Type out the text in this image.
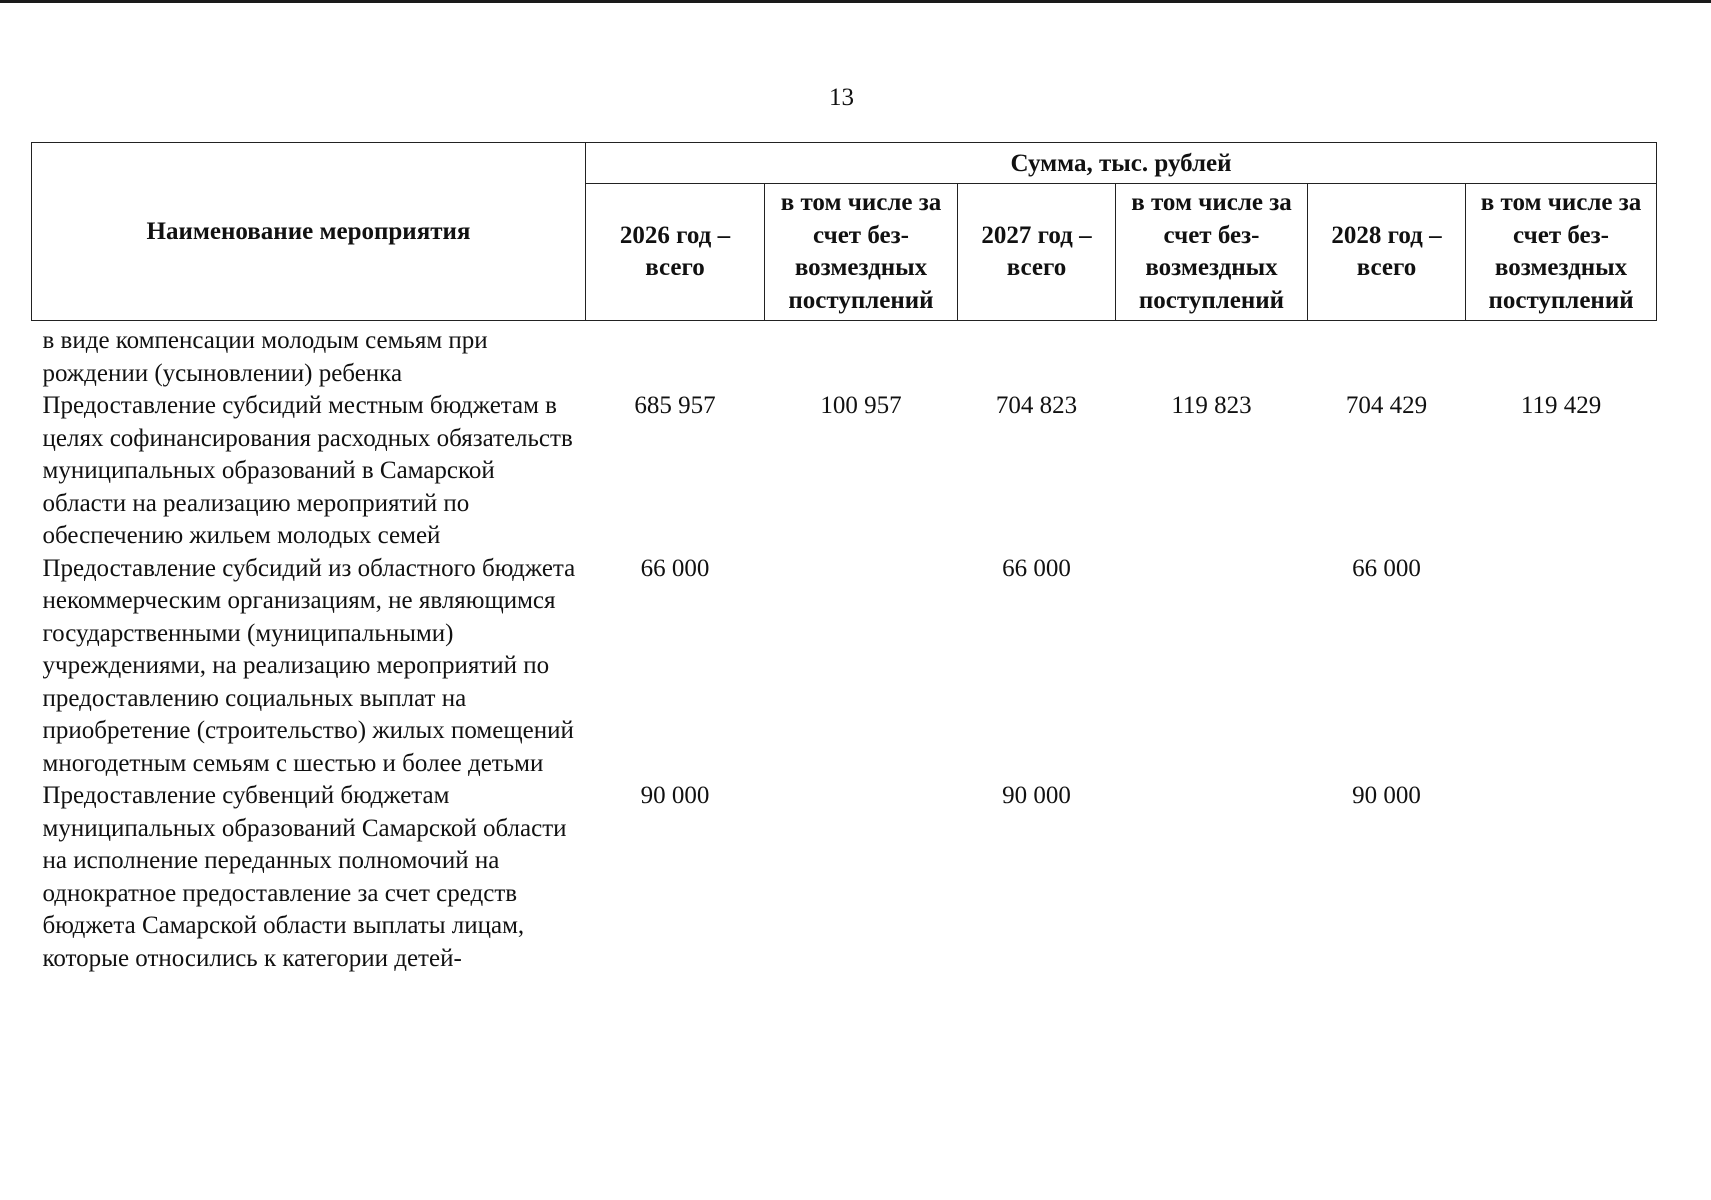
13
Наименование мероприятия	Сумма, тыс. рублей					
	2026 год – всего	в том числе за счет без-возмездных поступлений	2027 год – всего	в том числе за счет без-возмездных поступлений	2028 год – всего	в том числе за счет без-возмездных поступлений
в виде компенсации молодым семьям при рождении (усыновлении) ребенка						
Предоставление субсидий местным бюджетам в целях софинансирования расходных обязательств муниципальных образований в Самарской области на реализацию мероприятий по обеспечению жильем молодых семей	685 957	100 957	704 823	119 823	704 429	119 429
Предоставление субсидий из областного бюджета некоммерческим организациям, не являющимся государственными (муниципальными) учреждениями, на реализацию мероприятий по предоставлению социальных выплат на приобретение (строительство) жилых помещений многодетным семьям с шестью и более детьми	66 000		66 000		66 000	
Предоставление субвенций бюджетам муниципальных образований Самарской области на исполнение переданных полномочий на однократное предоставление за счет средств бюджета Самарской области выплаты лицам, которые относились к категории детей-	90 000		90 000		90 000	
